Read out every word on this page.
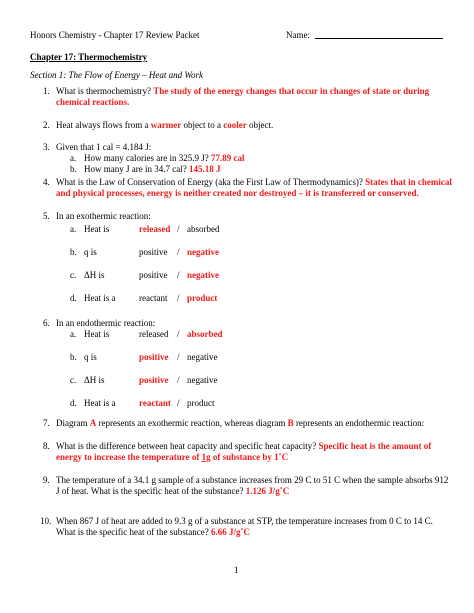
Honors Chemistry - Chapter 17 Review Packet	Name:
Chapter 17: Thermochemistry
Section 1: The Flow of Energy – Heat and Work
1. What is thermochemistry? The study of the energy changes that occur in changes of state or during chemical reactions.
2. Heat always flows from a warmer object to a cooler object.
3. Given that 1 cal = 4.184 J:
a. How many calories are in 325.9 J? 77.89 cal
b. How many J are in 34.7 cal? 145.18 J
4. What is the Law of Conservation of Energy (aka the First Law of Thermodynamics)? States that in chemical and physical processes, energy is neither created nor destroyed – it is transferred or conserved.
5. In an exothermic reaction:
a. Heat is	released / absorbed
b. q is	positive / negative
c. ΔH is	positive / negative
d. Heat is a	reactant / product
6. In an endothermic reaction:
a. Heat is	released / absorbed
b. q is	positive / negative
c. ΔH is	positive / negative
d. Heat is a	reactant / product
7. Diagram A represents an exothermic reaction, whereas diagram B represents an endothermic reaction:
8. What is the difference between heat capacity and specific heat capacity? Specific heat is the amount of energy to increase the temperature of 1g of substance by 1˚C
9. The temperature of a 34.1 g sample of a substance increases from 29 C to 51 C when the sample absorbs 912 J of heat. What is the specific heat of the substance? 1.126 J/g˚C
10. When 867 J of heat are added to 9.3 g of a substance at STP, the temperature increases from 0 C to 14 C. What is the specific heat of the substance? 6.66 J/g˚C
1
